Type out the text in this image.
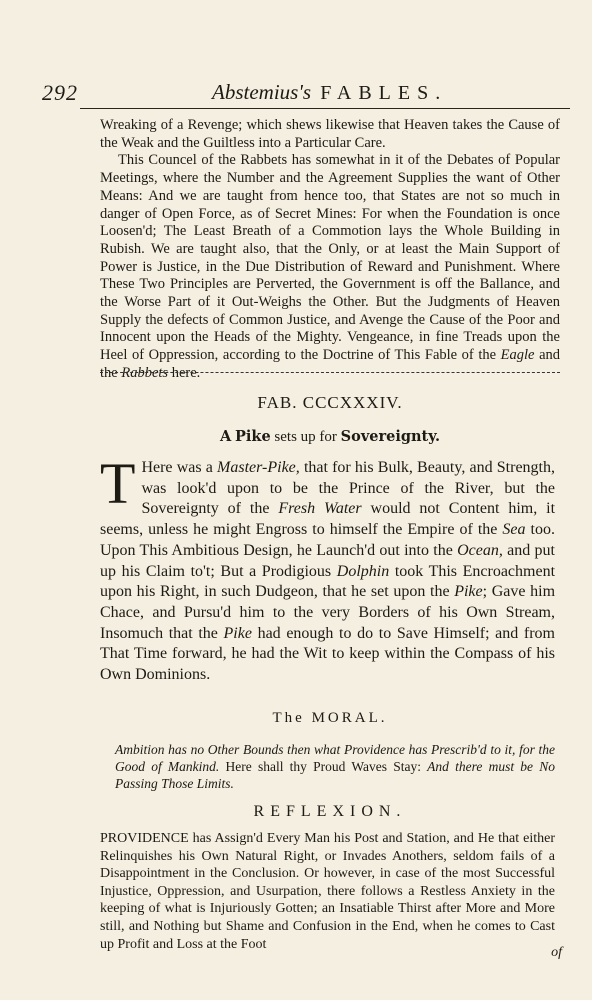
292	Abstemius's FABLES.

Wreaking of a Revenge; which shews likewise that Heaven takes the Cause of the Weak and the Guiltless into a Particular Care.

This Councel of the Rabbets has somewhat in it of the Debates of Popular Meetings, where the Number and the Agreement Supplies the want of Other Means: And we are taught from hence too, that States are not so much in danger of Open Force, as of Secret Mines: For when the Foundation is once Loosen'd; The Least Breath of a Commotion lays the Whole Building in Rubish. We are taught also, that the Only, or at least the Main Support of Power is Justice, in the Due Distribution of Reward and Punishment. Where These Two Principles are Perverted, the Government is off the Ballance, and the Worse Part of it Out-Weighs the Other. But the Judgments of Heaven Supply the defects of Common Justice, and Avenge the Cause of the Poor and Innocent upon the Heads of the Mighty. Vengeance, in fine Treads upon the Heel of Oppression, according to the Doctrine of This Fable of the Eagle and the Rabbets here.

FAB. CCCXXXIV.
A Pike sets up for Sovereignty.
T Here was a Master-Pike, that for his Bulk, Beauty, and Strength, was look'd upon to be the Prince of the River, but the Sovereignty of the Fresh Water would not Content him, it seems, unless he might Engross to himself the Empire of the Sea too. Upon This Ambitious Design, he Launch'd out into the Ocean, and put up his Claim to't; But a Prodigious Dolphin took This Encroachment upon his Right, in such Dudgeon, that he set upon the Pike; Gave him Chace, and Pursu'd him to the very Borders of his Own Stream, Insomuch that the Pike had enough to do to Save Himself; and from That Time forward, he had the Wit to keep within the Compass of his Own Dominions.
The MORAL.
Ambition has no Other Bounds then what Providence has Prescrib'd to it, for the Good of Mankind. Here shall thy Proud Waves Stay: And there must be No Passing Those Limits.
REFLEXION.
PROVIDENCE has Assign'd Every Man his Post and Station, and He that either Relinquishes his Own Natural Right, or Invades Anothers, seldom fails of a Disappointment in the Conclusion. Or however, in case of the most Successful Injustice, Oppression, and Usurpation, there follows a Restless Anxiety in the keeping of what is Injuriously Gotten; an Insatiable Thirst after More and More still, and Nothing but Shame and Confusion in the End, when he comes to Cast up Profit and Loss at the Foot
of
